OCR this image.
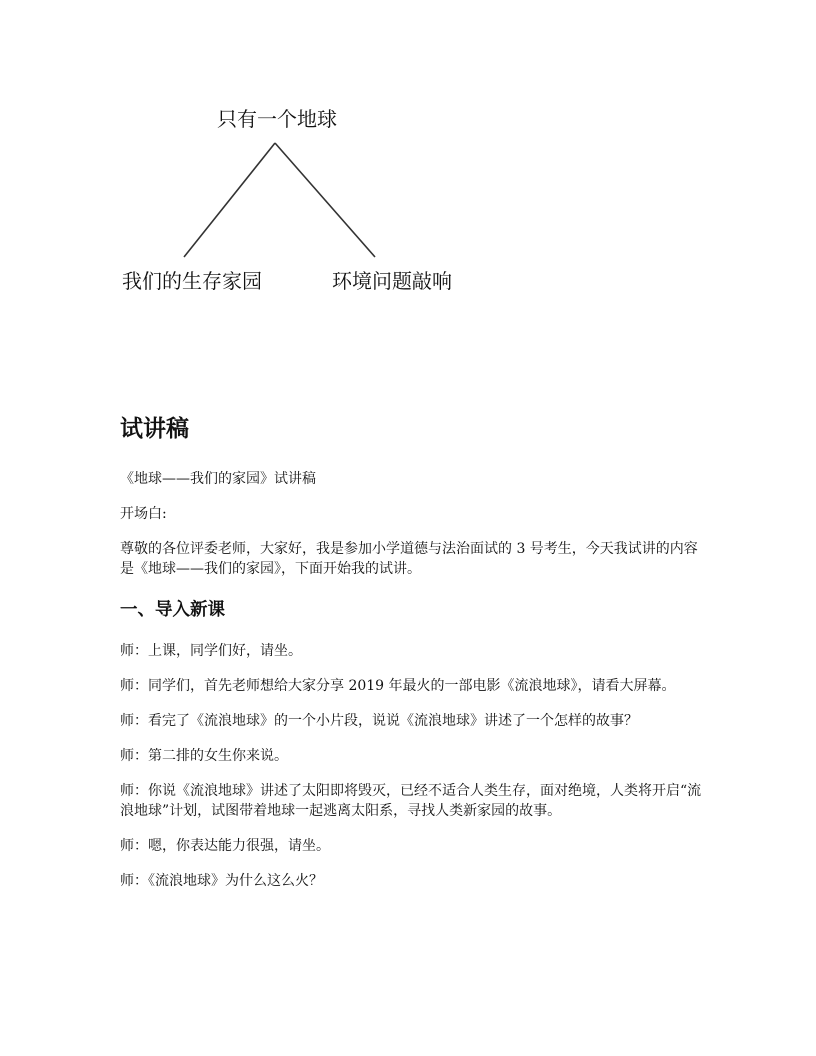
只有一个地球
我们的生存家园	环境问题敲响
试讲稿

《地球——我们的家园》试讲稿

开场白:

尊敬的各位评委老师，大家好，我是参加小学道德与法治面试的 3 号考生，今天我试讲的内容是《地球——我们的家园》，下面开始我的试讲。

一、导入新课

师：上课，同学们好，请坐。

师：同学们，首先老师想给大家分享 2019 年最火的一部电影《流浪地球》，请看大屏幕。

师：看完了《流浪地球》的一个小片段，说说《流浪地球》讲述了一个怎样的故事？

师：第二排的女生你来说。

师：你说《流浪地球》讲述了太阳即将毁灭，已经不适合人类生存，面对绝境，人类将开启“流浪地球”计划，试图带着地球一起逃离太阳系，寻找人类新家园的故事。

师：嗯，你表达能力很强，请坐。

师：《流浪地球》为什么这么火？
